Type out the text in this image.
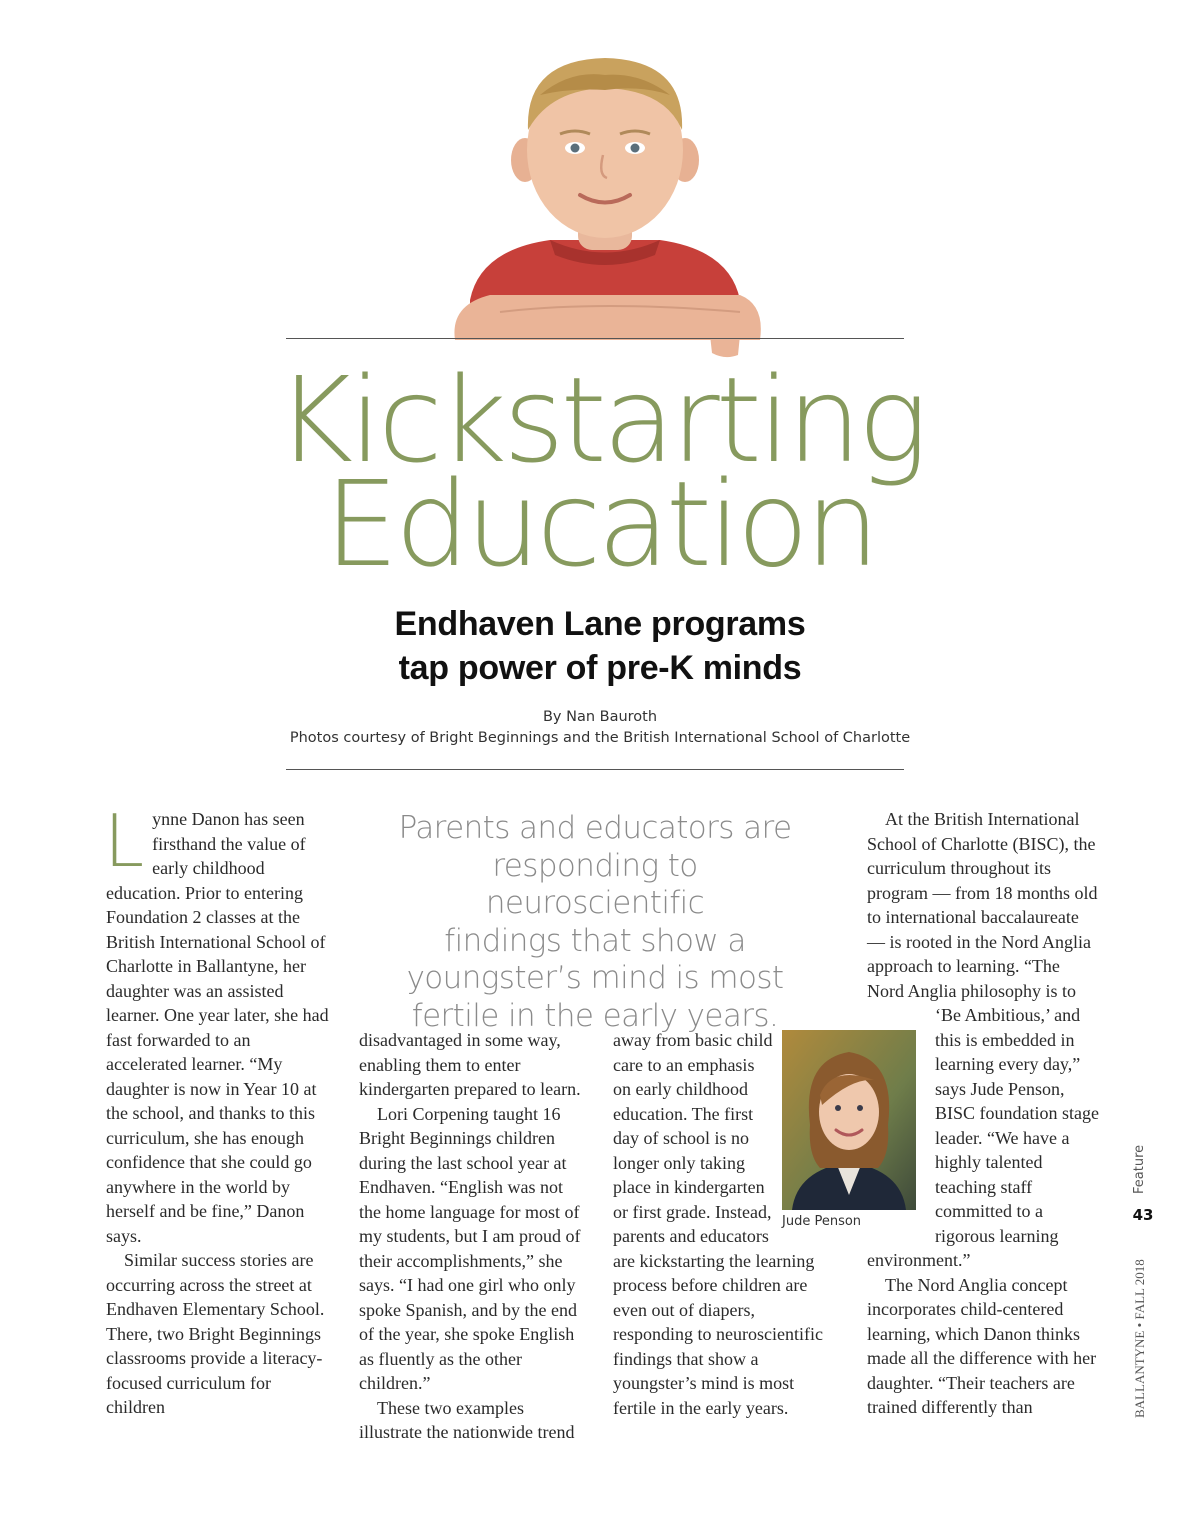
Kickstarting
Education
Endhaven Lane programs
tap power of pre-K minds
By Nan Bauroth
Photos courtesy of Bright Beginnings and the British International School of Charlotte

Lynne Danon has seen firsthand the value of early childhood education. Prior to entering Foundation 2 classes at the British International School of Charlotte in Ballantyne, her daughter was an assisted learner. One year later, she had fast forwarded to an accelerated learner. “My daughter is now in Year 10 at the school, and thanks to this curriculum, she has enough confidence that she could go anywhere in the world by herself and be fine,” Danon says.

Similar success stories are occurring across the street at Endhaven Elementary School. There, two Bright Beginnings classrooms provide a literacy-focused curriculum for children

Parents and educators are
responding to neuroscientific
findings that show a
youngster’s mind is most
fertile in the early years.

disadvantaged in some way, enabling them to enter kindergarten prepared to learn.

Lori Corpening taught 16 Bright Beginnings children during the last school year at Endhaven. “English was not the home language for most of my students, but I am proud of their accomplishments,” she says. “I had one girl who only spoke Spanish, and by the end of the year, she spoke English as fluently as the other children.”

These two examples illustrate the nationwide trend

away from basic child care to an emphasis on early childhood education. The first day of school is no longer only taking place in kindergarten or first grade. Instead, parents and educators are kickstarting the learning process before children are even out of diapers, responding to neuroscientific findings that show a youngster’s mind is most fertile in the early years.

Jude Penson

At the British International School of Charlotte (BISC), the curriculum throughout its program — from 18 months old to international baccalaureate — is rooted in the Nord Anglia approach to learning. “The Nord Anglia philosophy is to ‘Be Ambitious,’ and this is embedded in learning every day,” says Jude Penson, BISC foundation stage leader. “We have a highly talented teaching staff committed to a rigorous learning environment.”

The Nord Anglia concept incorporates child-centered learning, which Danon thinks made all the difference with her daughter. “Their teachers are trained differently than

Feature
BALLANTYNE • FALL 2018
43
